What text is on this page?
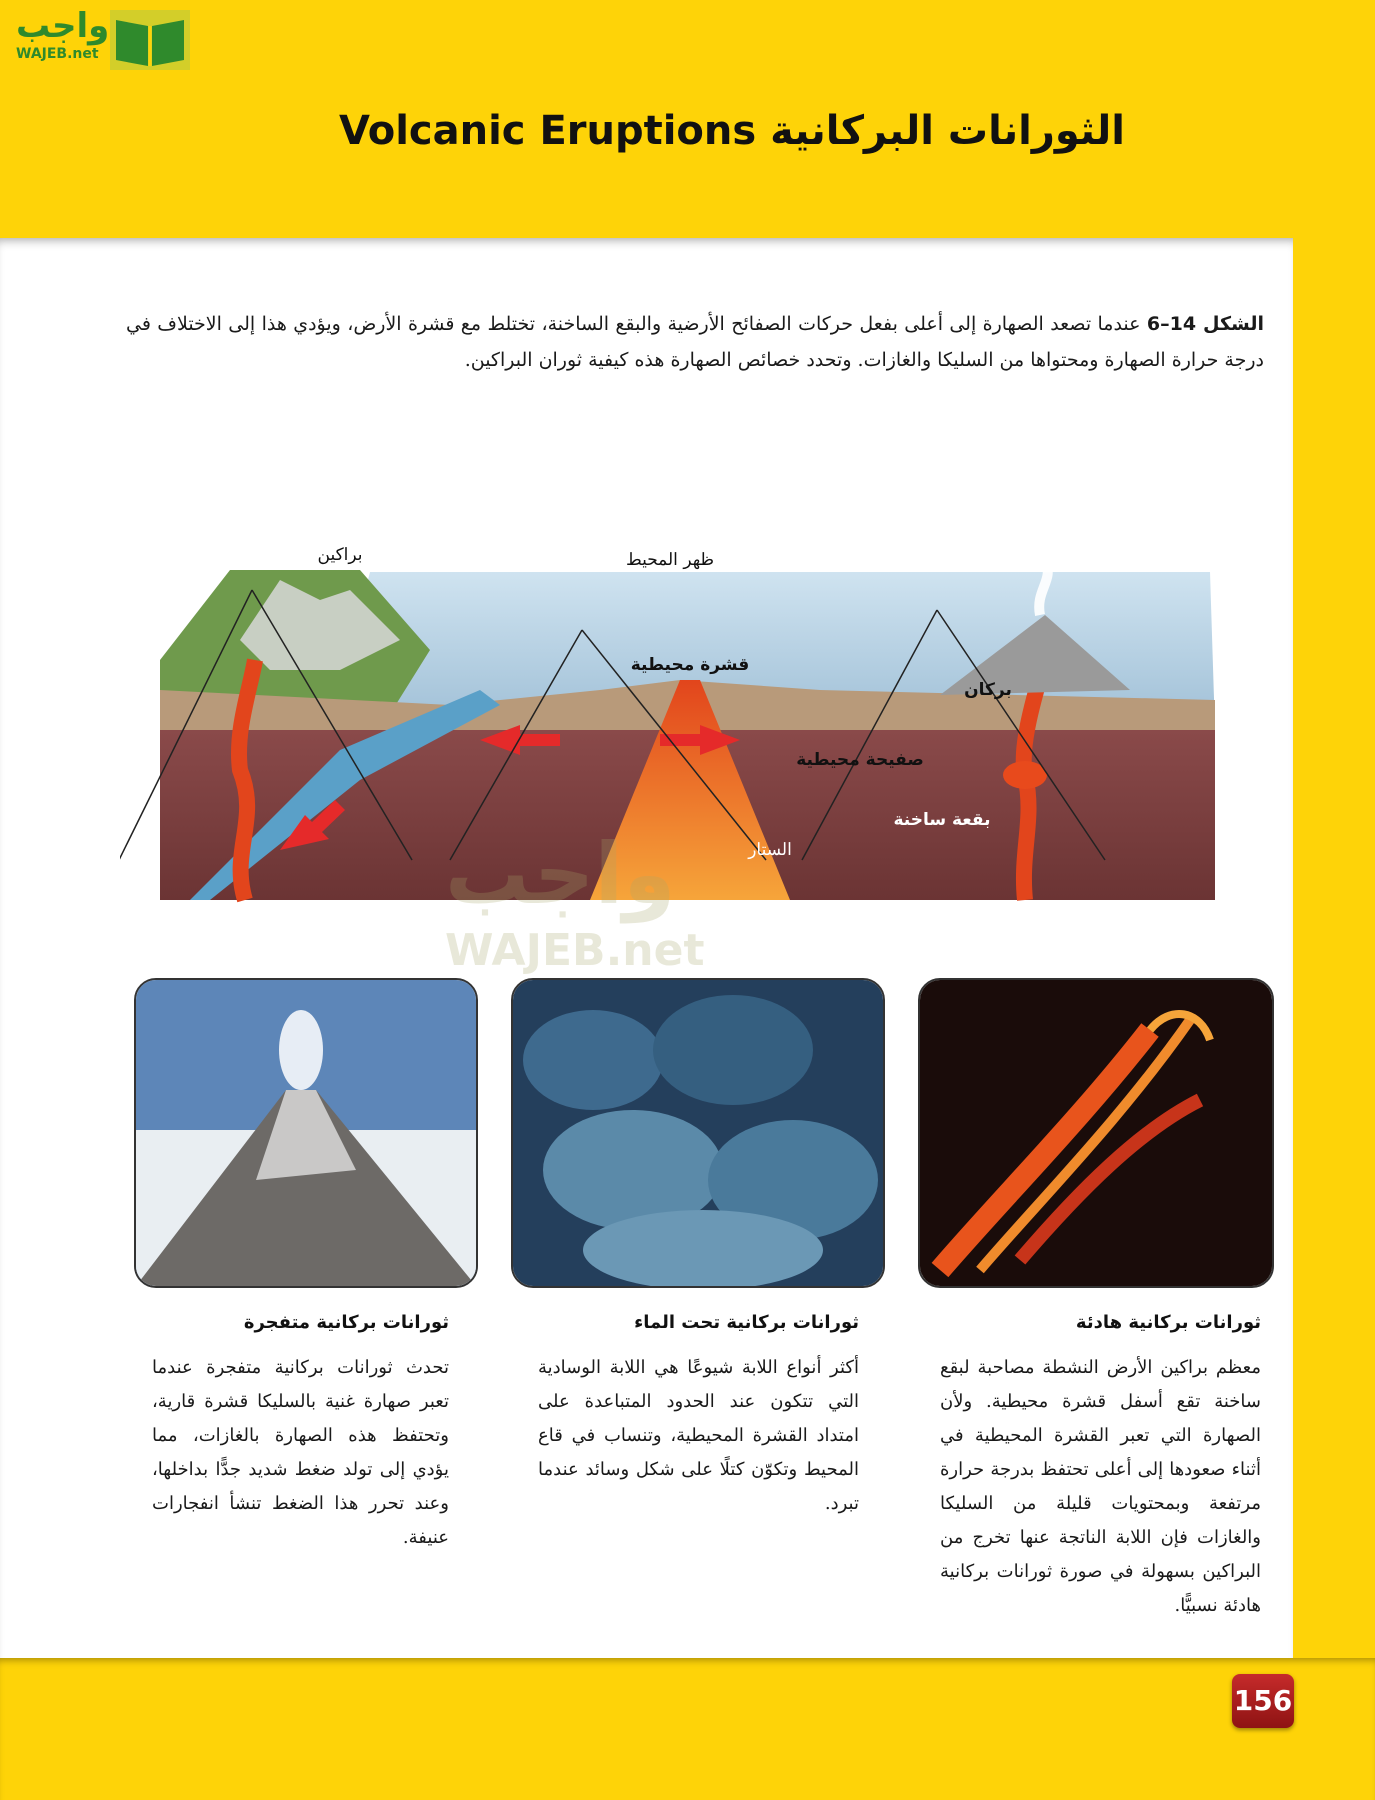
واجب
WAJEB.net
الثورانات البركانية Volcanic Eruptions
الشكل 14–6 عندما تصعد الصهارة إلى أعلى بفعل حركات الصفائح الأرضية والبقع الساخنة، تختلط مع قشرة الأرض، ويؤدي هذا إلى الاختلاف في درجة حرارة الصهارة ومحتواها من السليكا والغازات. وتحدد خصائص الصهارة هذه كيفية ثوران البراكين.
براكين	ظهر المحيط
قشرة محيطية
بركان
صفيحة محيطية
بقعة ساخنة
الستار
واجب
WAJEB.net
ثورانات بركانية هادئة
معظم براكين الأرض النشطة مصاحبة لبقع ساخنة تقع أسفل قشرة محيطية. ولأن الصهارة التي تعبر القشرة المحيطية في أثناء صعودها إلى أعلى تحتفظ بدرجة حرارة مرتفعة وبمحتويات قليلة من السليكا والغازات فإن اللابة الناتجة عنها تخرج من البراكين بسهولة في صورة ثورانات بركانية هادئة نسبيًّا.
ثورانات بركانية تحت الماء
أكثر أنواع اللابة شيوعًا هي اللابة الوسادية التي تتكون عند الحدود المتباعدة على امتداد القشرة المحيطية، وتنساب في قاع المحيط وتكوّن كتلًا على شكل وسائد عندما تبرد.
ثورانات بركانية متفجرة
تحدث ثورانات بركانية متفجرة عندما تعبر صهارة غنية بالسليكا قشرة قارية، وتحتفظ هذه الصهارة بالغازات، مما يؤدي إلى تولد ضغط شديد جدًّا بداخلها، وعند تحرر هذا الضغط تنشأ انفجارات عنيفة.
156
